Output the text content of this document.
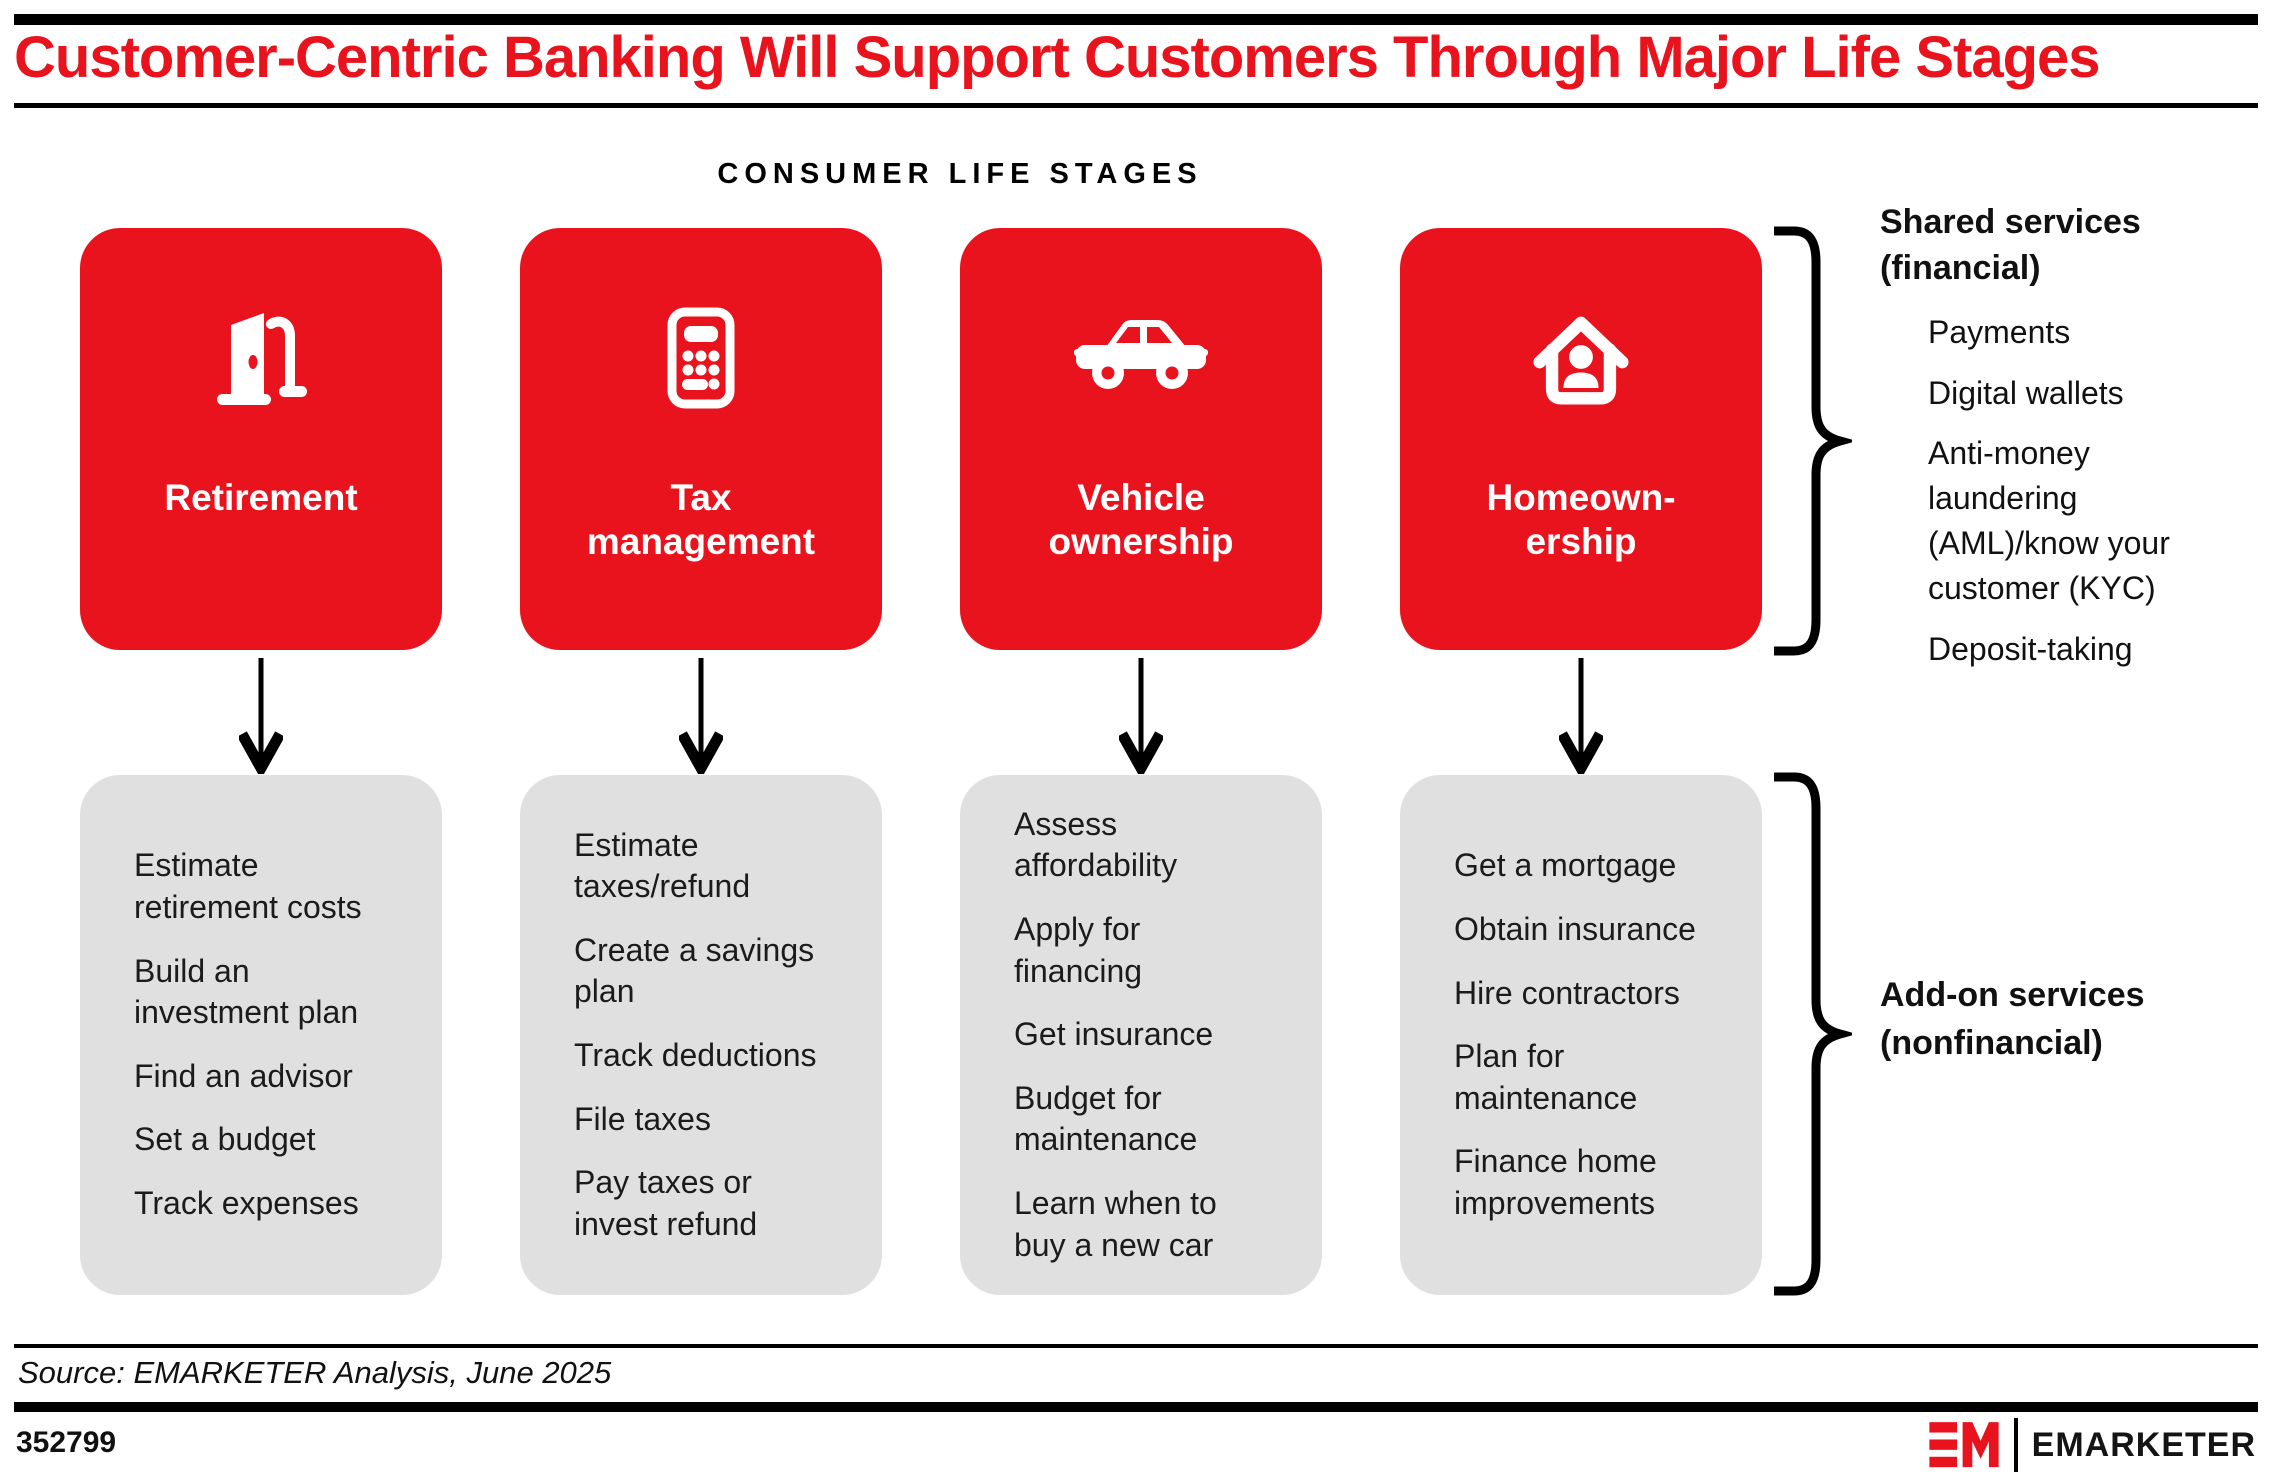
Customer-Centric Banking Will Support Customers Through Major Life Stages
CONSUMER LIFE STAGES
Retirement	Tax management
Vehicle ownership
Homeown-ership
Estimate retirement costs
Build an investment plan
Find an advisor
Set a budget
Track expenses
Estimate taxes/refund
Create a savings plan
Track deductions
File taxes
Pay taxes or invest refund
Assess affordability
Apply for financing
Get insurance
Budget for maintenance
Learn when to buy a new car
Get a mortgage
Obtain insurance
Hire contractors
Plan for maintenance
Finance home improvements
Shared services (financial)
Payments
Digital wallets
Anti-money laundering (AML)/know your customer (KYC)
Deposit-taking
Add-on services (nonfinancial)
Source: EMARKETER Analysis, June 2025
352799	EMARKETER
